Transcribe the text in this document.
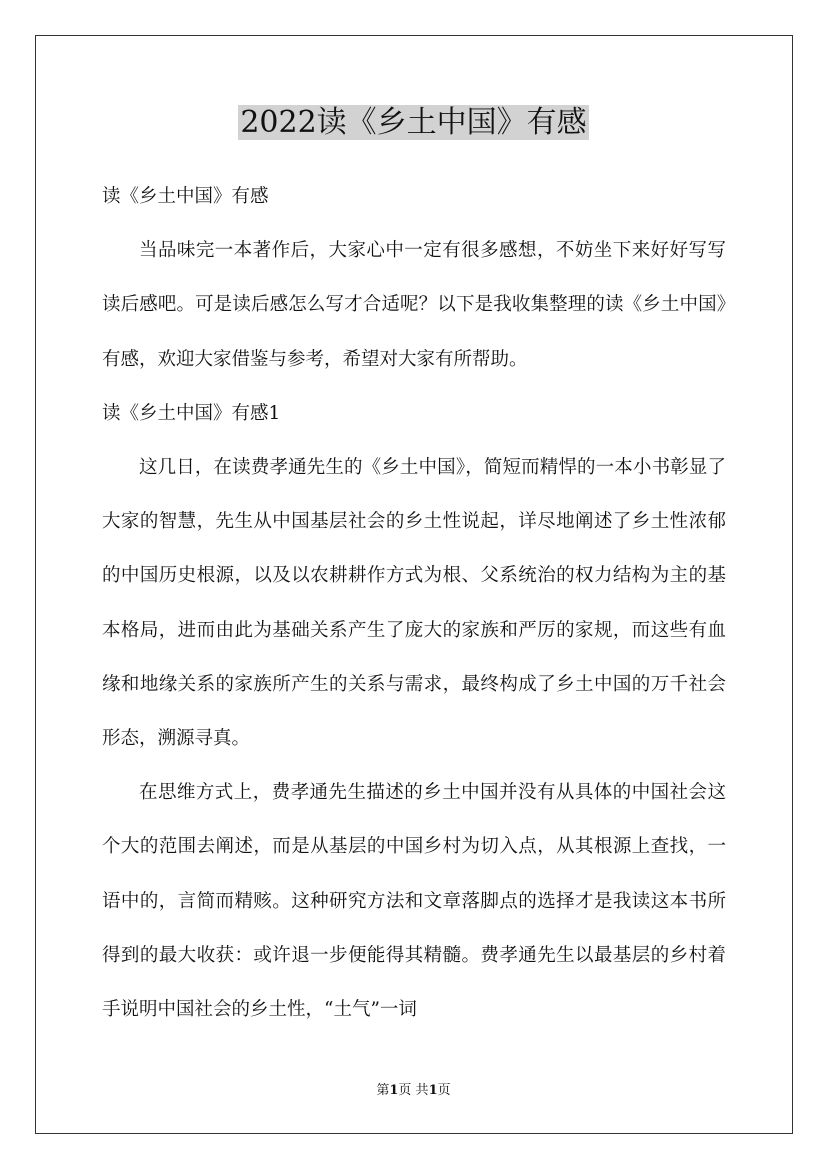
2022读《乡土中国》有感

读《乡土中国》有感

当品味完一本著作后，大家心中一定有很多感想，不妨坐下来好好写写读后感吧。可是读后感怎么写才合适呢？以下是我收集整理的读《乡土中国》有感，欢迎大家借鉴与参考，希望对大家有所帮助。

读《乡土中国》有感1

这几日，在读费孝通先生的《乡土中国》，简短而精悍的一本小书彰显了大家的智慧，先生从中国基层社会的乡土性说起，详尽地阐述了乡土性浓郁的中国历史根源，以及以农耕耕作方式为根、父系统治的权力结构为主的基本格局，进而由此为基础关系产生了庞大的家族和严厉的家规，而这些有血缘和地缘关系的家族所产生的关系与需求，最终构成了乡土中国的万千社会形态，溯源寻真。

在思维方式上，费孝通先生描述的乡土中国并没有从具体的中国社会这个大的范围去阐述，而是从基层的中国乡村为切入点，从其根源上查找，一语中的，言简而精赅。这种研究方法和文章落脚点的选择才是我读这本书所得到的最大收获：或许退一步便能得其精髓。费孝通先生以最基层的乡村着手说明中国社会的乡土性，“土气”一词

第1页 共1页
